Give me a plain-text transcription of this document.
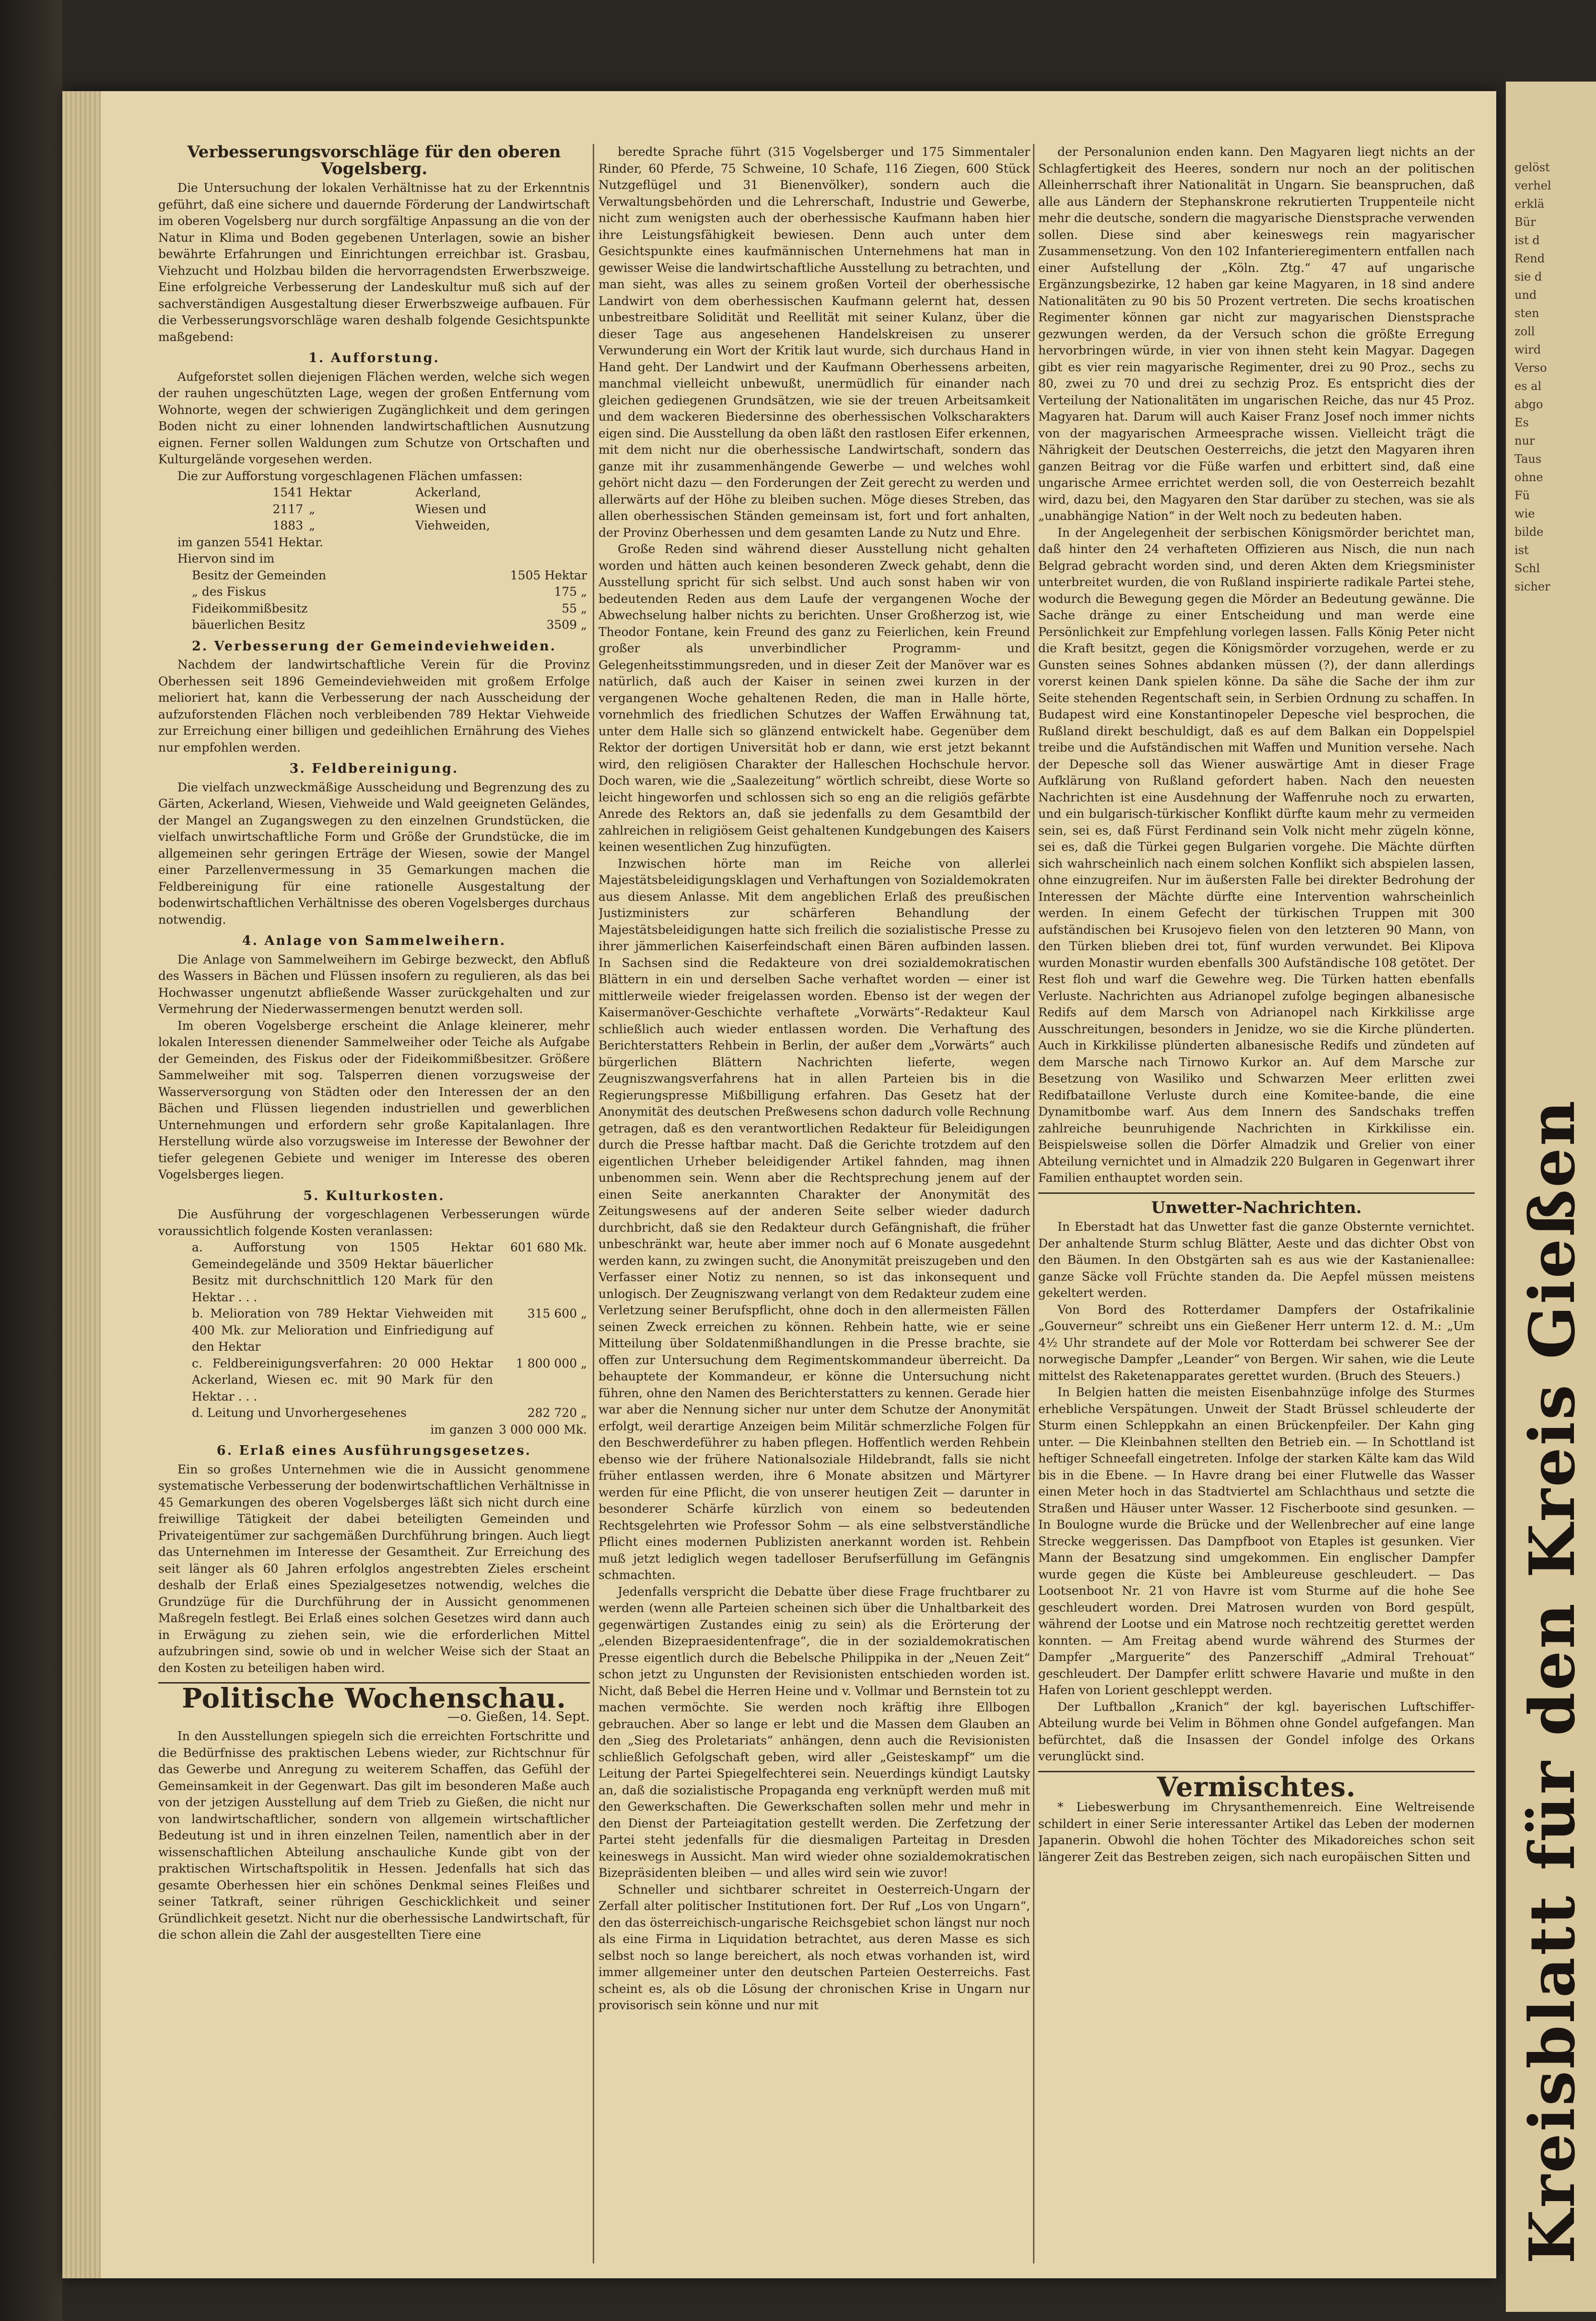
gelöst
verhel
erklä
Bür
ist d
Rend
sie d
und
sten
zoll
wird
Verso
es al
abgo
Es
nur
Taus
ohne
Fü
wie
bilde
ist
Schl
sicher
Kreisblatt für den Kreis Gießen
Verbesserungsvorschläge für den oberen Vogelsberg.

Die Untersuchung der lokalen Verhältnisse hat zu der Erkenntnis geführt, daß eine sichere und dauernde Förderung der Landwirtschaft im oberen Vogelsberg nur durch sorgfältige Anpassung an die von der Natur in Klima und Boden gegebenen Unterlagen, sowie an bisher bewährte Erfahrungen und Einrichtungen erreichbar ist. Grasbau, Viehzucht und Holzbau bilden die hervorragendsten Erwerbszweige. Eine erfolgreiche Verbesserung der Landeskultur muß sich auf der sachverständigen Ausgestaltung dieser Erwerbszweige aufbauen. Für die Verbesserungsvorschläge waren deshalb folgende Gesichtspunkte maßgebend:

1. Aufforstung.

Aufgeforstet sollen diejenigen Flächen werden, welche sich wegen der rauhen ungeschützten Lage, wegen der großen Entfernung vom Wohnorte, wegen der schwierigen Zugänglichkeit und dem geringen Boden nicht zu einer lohnenden landwirtschaftlichen Ausnutzung eignen. Ferner sollen Waldungen zum Schutze von Ortschaften und Kulturgelände vorgesehen werden.

Die zur Aufforstung vorgeschlagenen Flächen umfassen:

1541	Hektar	Ackerland,
2117	„	Wiesen und
1883	„	Viehweiden,

im ganzen 5541 Hektar.

Hiervon sind im

Besitz der Gemeinden	1505 Hektar
„ des Fiskus	175 „
Fideikommißbesitz	55 „
bäuerlichen Besitz	3509 „
2. Verbesserung der Gemeindeviehweiden.

Nachdem der landwirtschaftliche Verein für die Provinz Oberhessen seit 1896 Gemeindeviehweiden mit großem Erfolge melioriert hat, kann die Verbesserung der nach Ausscheidung der aufzuforstenden Flächen noch verbleibenden 789 Hektar Viehweide zur Erreichung einer billigen und gedeihlichen Ernährung des Viehes nur empfohlen werden.

3. Feldbereinigung.

Die vielfach unzweckmäßige Ausscheidung und Begrenzung des zu Gärten, Ackerland, Wiesen, Viehweide und Wald geeigneten Geländes, der Mangel an Zugangswegen zu den einzelnen Grundstücken, die vielfach unwirtschaftliche Form und Größe der Grundstücke, die im allgemeinen sehr geringen Erträge der Wiesen, sowie der Mangel einer Parzellenvermessung in 35 Gemarkungen machen die Feldbereinigung für eine rationelle Ausgestaltung der bodenwirtschaftlichen Verhältnisse des oberen Vogelsberges durchaus notwendig.

4. Anlage von Sammelweihern.

Die Anlage von Sammelweihern im Gebirge bezweckt, den Abfluß des Wassers in Bächen und Flüssen insofern zu regulieren, als das bei Hochwasser ungenutzt abfließende Wasser zurückgehalten und zur Vermehrung der Niederwassermengen benutzt werden soll.

Im oberen Vogelsberge erscheint die Anlage kleinerer, mehr lokalen Interessen dienender Sammelweiher oder Teiche als Aufgabe der Gemeinden, des Fiskus oder der Fideikommißbesitzer. Größere Sammelweiher mit sog. Talsperren dienen vorzugsweise der Wasserversorgung von Städten oder den Interessen der an den Bächen und Flüssen liegenden industriellen und gewerblichen Unternehmungen und erfordern sehr große Kapitalanlagen. Ihre Herstellung würde also vorzugsweise im Interesse der Bewohner der tiefer gelegenen Gebiete und weniger im Interesse des oberen Vogelsberges liegen.

5. Kulturkosten.

Die Ausführung der vorgeschlagenen Verbesserungen würde voraussichtlich folgende Kosten veranlassen:

a. Aufforstung von 1505 Hektar Gemeindegelände und 3509 Hektar bäuerlicher Besitz mit durchschnittlich 120 Mark für den Hektar . . .	601 680 Mk.
b. Melioration von 789 Hektar Viehweiden mit 400 Mk. zur Melioration und Einfriedigung auf den Hektar	315 600 „
c. Feldbereinigungsverfahren: 20 000 Hektar Ackerland, Wiesen ec. mit 90 Mark für den Hektar . . .	1 800 000 „
d. Leitung und Unvorhergesehenes	282 720 „
im ganzen	3 000 000 Mk.
6. Erlaß eines Ausführungsgesetzes.

Ein so großes Unternehmen wie die in Aussicht genommene systematische Verbesserung der bodenwirtschaftlichen Verhältnisse in 45 Gemarkungen des oberen Vogelsberges läßt sich nicht durch eine freiwillige Tätigkeit der dabei beteiligten Gemeinden und Privateigentümer zur sachgemäßen Durchführung bringen. Auch liegt das Unternehmen im Interesse der Gesamtheit. Zur Erreichung des seit länger als 60 Jahren erfolglos angestrebten Zieles erscheint deshalb der Erlaß eines Spezialgesetzes notwendig, welches die Grundzüge für die Durchführung der in Aussicht genommenen Maßregeln festlegt. Bei Erlaß eines solchen Gesetzes wird dann auch in Erwägung zu ziehen sein, wie die erforderlichen Mittel aufzubringen sind, sowie ob und in welcher Weise sich der Staat an den Kosten zu beteiligen haben wird.

Politische Wochenschau.
—o. Gießen, 14. Sept.

In den Ausstellungen spiegeln sich die erreichten Fortschritte und die Bedürfnisse des praktischen Lebens wieder, zur Richtschnur für das Gewerbe und Anregung zu weiterem Schaffen, das Gefühl der Gemeinsamkeit in der Gegenwart. Das gilt im besonderen Maße auch von der jetzigen Ausstellung auf dem Trieb zu Gießen, die nicht nur von landwirtschaftlicher, sondern von allgemein wirtschaftlicher Bedeutung ist und in ihren einzelnen Teilen, namentlich aber in der wissenschaftlichen Abteilung anschauliche Kunde gibt von der praktischen Wirtschaftspolitik in Hessen. Jedenfalls hat sich das gesamte Oberhessen hier ein schönes Denkmal seines Fleißes und seiner Tatkraft, seiner rührigen Geschicklichkeit und seiner Gründlichkeit gesetzt. Nicht nur die oberhessische Landwirtschaft, für die schon allein die Zahl der ausgestellten Tiere eine

beredte Sprache führt (315 Vogelsberger und 175 Simmentaler Rinder, 60 Pferde, 75 Schweine, 10 Schafe, 116 Ziegen, 600 Stück Nutzgeflügel und 31 Bienenvölker), sondern auch die Verwaltungsbehörden und die Lehrerschaft, Industrie und Gewerbe, nicht zum wenigsten auch der oberhessische Kaufmann haben hier ihre Leistungsfähigkeit bewiesen. Denn auch unter dem Gesichtspunkte eines kaufmännischen Unternehmens hat man in gewisser Weise die landwirtschaftliche Ausstellung zu betrachten, und man sieht, was alles zu seinem großen Vorteil der oberhessische Landwirt von dem oberhessischen Kaufmann gelernt hat, dessen unbestreitbare Solidität und Reellität mit seiner Kulanz, über die dieser Tage aus angesehenen Handelskreisen zu unserer Verwunderung ein Wort der Kritik laut wurde, sich durchaus Hand in Hand geht. Der Landwirt und der Kaufmann Oberhessens arbeiten, manchmal vielleicht unbewußt, unermüdlich für einander nach gleichen gediegenen Grundsätzen, wie sie der treuen Arbeitsamkeit und dem wackeren Biedersinne des oberhessischen Volkscharakters eigen sind. Die Ausstellung da oben läßt den rastlosen Eifer erkennen, mit dem nicht nur die oberhessische Landwirtschaft, sondern das ganze mit ihr zusammenhängende Gewerbe — und welches wohl gehört nicht dazu — den Forderungen der Zeit gerecht zu werden und allerwärts auf der Höhe zu bleiben suchen. Möge dieses Streben, das allen oberhessischen Ständen gemeinsam ist, fort und fort anhalten, der Provinz Oberhessen und dem gesamten Lande zu Nutz und Ehre.

Große Reden sind während dieser Ausstellung nicht gehalten worden und hätten auch keinen besonderen Zweck gehabt, denn die Ausstellung spricht für sich selbst. Und auch sonst haben wir von bedeutenden Reden aus dem Laufe der vergangenen Woche der Abwechselung halber nichts zu berichten. Unser Großherzog ist, wie Theodor Fontane, kein Freund des ganz zu Feierlichen, kein Freund großer als unverbindlicher Programm- und Gelegenheitsstimmungsreden, und in dieser Zeit der Manöver war es natürlich, daß auch der Kaiser in seinen zwei kurzen in der vergangenen Woche gehaltenen Reden, die man in Halle hörte, vornehmlich des friedlichen Schutzes der Waffen Erwähnung tat, unter dem Halle sich so glänzend entwickelt habe. Gegenüber dem Rektor der dortigen Universität hob er dann, wie erst jetzt bekannt wird, den religiösen Charakter der Halleschen Hochschule hervor. Doch waren, wie die „Saalezeitung“ wörtlich schreibt, diese Worte so leicht hingeworfen und schlossen sich so eng an die religiös gefärbte Anrede des Rektors an, daß sie jedenfalls zu dem Gesamtbild der zahlreichen in religiösem Geist gehaltenen Kundgebungen des Kaisers keinen wesentlichen Zug hinzufügten.

Inzwischen hörte man im Reiche von allerlei Majestätsbeleidigungsklagen und Verhaftungen von Sozialdemokraten aus diesem Anlasse. Mit dem angeblichen Erlaß des preußischen Justizministers zur schärferen Behandlung der Majestätsbeleidigungen hatte sich freilich die sozialistische Presse zu ihrer jämmerlichen Kaiserfeindschaft einen Bären aufbinden lassen. In Sachsen sind die Redakteure von drei sozialdemokratischen Blättern in ein und derselben Sache verhaftet worden — einer ist mittlerweile wieder freigelassen worden. Ebenso ist der wegen der Kaisermanöver-Geschichte verhaftete „Vorwärts“-Redakteur Kaul schließlich auch wieder entlassen worden. Die Verhaftung des Berichterstatters Rehbein in Berlin, der außer dem „Vorwärts“ auch bürgerlichen Blättern Nachrichten lieferte, wegen Zeugniszwangsverfahrens hat in allen Parteien bis in die Regierungspresse Mißbilligung erfahren. Das Gesetz hat der Anonymität des deutschen Preßwesens schon dadurch volle Rechnung getragen, daß es den verantwortlichen Redakteur für Beleidigungen durch die Presse haftbar macht. Daß die Gerichte trotzdem auf den eigentlichen Urheber beleidigender Artikel fahnden, mag ihnen unbenommen sein. Wenn aber die Rechtsprechung jenem auf der einen Seite anerkannten Charakter der Anonymität des Zeitungswesens auf der anderen Seite selber wieder dadurch durchbricht, daß sie den Redakteur durch Gefängnishaft, die früher unbeschränkt war, heute aber immer noch auf 6 Monate ausgedehnt werden kann, zu zwingen sucht, die Anonymität preiszugeben und den Verfasser einer Notiz zu nennen, so ist das inkonsequent und unlogisch. Der Zeugniszwang verlangt von dem Redakteur zudem eine Verletzung seiner Berufspflicht, ohne doch in den allermeisten Fällen seinen Zweck erreichen zu können. Rehbein hatte, wie er seine Mitteilung über Soldatenmißhandlungen in die Presse brachte, sie offen zur Untersuchung dem Regimentskommandeur überreicht. Da behauptete der Kommandeur, er könne die Untersuchung nicht führen, ohne den Namen des Berichterstatters zu kennen. Gerade hier war aber die Nennung sicher nur unter dem Schutze der Anonymität erfolgt, weil derartige Anzeigen beim Militär schmerzliche Folgen für den Beschwerdeführer zu haben pflegen. Hoffentlich werden Rehbein ebenso wie der frühere Nationalsoziale Hildebrandt, falls sie nicht früher entlassen werden, ihre 6 Monate absitzen und Märtyrer werden für eine Pflicht, die von unserer heutigen Zeit — darunter in besonderer Schärfe kürzlich von einem so bedeutenden Rechtsgelehrten wie Professor Sohm — als eine selbstverständliche Pflicht eines modernen Publizisten anerkannt worden ist. Rehbein muß jetzt lediglich wegen tadelloser Berufserfüllung im Gefängnis schmachten.

Jedenfalls verspricht die Debatte über diese Frage fruchtbarer zu werden (wenn alle Parteien scheinen sich über die Unhaltbarkeit des gegenwärtigen Zustandes einig zu sein) als die Erörterung der „elenden Bizepraesidentenfrage“, die in der sozialdemokratischen Presse eigentlich durch die Bebelsche Philippika in der „Neuen Zeit“ schon jetzt zu Ungunsten der Revisionisten entschieden worden ist. Nicht, daß Bebel die Herren Heine und v. Vollmar und Bernstein tot zu machen vermöchte. Sie werden noch kräftig ihre Ellbogen gebrauchen. Aber so lange er lebt und die Massen dem Glauben an den „Sieg des Proletariats“ anhängen, denn auch die Revisionisten schließlich Gefolgschaft geben, wird aller „Geisteskampf“ um die Leitung der Partei Spiegelfechterei sein. Neuerdings kündigt Lautsky an, daß die sozialistische Propaganda eng verknüpft werden muß mit den Gewerkschaften. Die Gewerkschaften sollen mehr und mehr in den Dienst der Parteiagitation gestellt werden. Die Zerfetzung der Partei steht jedenfalls für die diesmaligen Parteitag in Dresden keineswegs in Aussicht. Man wird wieder ohne sozialdemokratischen Bizepräsidenten bleiben — und alles wird sein wie zuvor!

Schneller und sichtbarer schreitet in Oesterreich-Ungarn der Zerfall alter politischer Institutionen fort. Der Ruf „Los von Ungarn“, den das österreichisch-ungarische Reichsgebiet schon längst nur noch als eine Firma in Liquidation betrachtet, aus deren Masse es sich selbst noch so lange bereichert, als noch etwas vorhanden ist, wird immer allgemeiner unter den deutschen Parteien Oesterreichs. Fast scheint es, als ob die Lösung der chronischen Krise in Ungarn nur provisorisch sein könne und nur mit

der Personalunion enden kann. Den Magyaren liegt nichts an der Schlagfertigkeit des Heeres, sondern nur noch an der politischen Alleinherrschaft ihrer Nationalität in Ungarn. Sie beanspruchen, daß alle aus Ländern der Stephanskrone rekrutierten Truppenteile nicht mehr die deutsche, sondern die magyarische Dienstsprache verwenden sollen. Diese sind aber keineswegs rein magyarischer Zusammensetzung. Von den 102 Infanterieregimentern entfallen nach einer Aufstellung der „Köln. Ztg.“ 47 auf ungarische Ergänzungsbezirke, 12 haben gar keine Magyaren, in 18 sind andere Nationalitäten zu 90 bis 50 Prozent vertreten. Die sechs kroatischen Regimenter können gar nicht zur magyarischen Dienstsprache gezwungen werden, da der Versuch schon die größte Erregung hervorbringen würde, in vier von ihnen steht kein Magyar. Dagegen gibt es vier rein magyarische Regimenter, drei zu 90 Proz., sechs zu 80, zwei zu 70 und drei zu sechzig Proz. Es entspricht dies der Verteilung der Nationalitäten im ungarischen Reiche, das nur 45 Proz. Magyaren hat. Darum will auch Kaiser Franz Josef noch immer nichts von der magyarischen Armeesprache wissen. Vielleicht trägt die Nährigkeit der Deutschen Oesterreichs, die jetzt den Magyaren ihren ganzen Beitrag vor die Füße warfen und erbittert sind, daß eine ungarische Armee errichtet werden soll, die von Oesterreich bezahlt wird, dazu bei, den Magyaren den Star darüber zu stechen, was sie als „unabhängige Nation“ in der Welt noch zu bedeuten haben.

In der Angelegenheit der serbischen Königsmörder berichtet man, daß hinter den 24 verhafteten Offizieren aus Nisch, die nun nach Belgrad gebracht worden sind, und deren Akten dem Kriegsminister unterbreitet wurden, die von Rußland inspirierte radikale Partei stehe, wodurch die Bewegung gegen die Mörder an Bedeutung gewänne. Die Sache dränge zu einer Entscheidung und man werde eine Persönlichkeit zur Empfehlung vorlegen lassen. Falls König Peter nicht die Kraft besitzt, gegen die Königsmörder vorzugehen, werde er zu Gunsten seines Sohnes abdanken müssen (?), der dann allerdings vorerst keinen Dank spielen könne. Da sähe die Sache der ihm zur Seite stehenden Regentschaft sein, in Serbien Ordnung zu schaffen. In Budapest wird eine Konstantinopeler Depesche viel besprochen, die Rußland direkt beschuldigt, daß es auf dem Balkan ein Doppelspiel treibe und die Aufständischen mit Waffen und Munition versehe. Nach der Depesche soll das Wiener auswärtige Amt in dieser Frage Aufklärung von Rußland gefordert haben. Nach den neuesten Nachrichten ist eine Ausdehnung der Waffenruhe noch zu erwarten, und ein bulgarisch-türkischer Konflikt dürfte kaum mehr zu vermeiden sein, sei es, daß Fürst Ferdinand sein Volk nicht mehr zügeln könne, sei es, daß die Türkei gegen Bulgarien vorgehe. Die Mächte dürften sich wahrscheinlich nach einem solchen Konflikt sich abspielen lassen, ohne einzugreifen. Nur im äußersten Falle bei direkter Bedrohung der Interessen der Mächte dürfte eine Intervention wahrscheinlich werden. In einem Gefecht der türkischen Truppen mit 300 aufständischen bei Krusojevo fielen von den letzteren 90 Mann, von den Türken blieben drei tot, fünf wurden verwundet. Bei Klipova wurden Monastir wurden ebenfalls 300 Aufständische 108 getötet. Der Rest floh und warf die Gewehre weg. Die Türken hatten ebenfalls Verluste. Nachrichten aus Adrianopel zufolge begingen albanesische Redifs auf dem Marsch von Adrianopel nach Kirkkilisse arge Ausschreitungen, besonders in Jenidze, wo sie die Kirche plünderten. Auch in Kirkkilisse plünderten albanesische Redifs und zündeten auf dem Marsche nach Tirnowo Kurkor an. Auf dem Marsche zur Besetzung von Wasiliko und Schwarzen Meer erlitten zwei Redifbataillone Verluste durch eine Komitee-bande, die eine Dynamitbombe warf. Aus dem Innern des Sandschaks treffen zahlreiche beunruhigende Nachrichten in Kirkkilisse ein. Beispielsweise sollen die Dörfer Almadzik und Grelier von einer Abteilung vernichtet und in Almadzik 220 Bulgaren in Gegenwart ihrer Familien enthauptet worden sein.

Unwetter-Nachrichten.

In Eberstadt hat das Unwetter fast die ganze Obsternte vernichtet. Der anhaltende Sturm schlug Blätter, Aeste und das dichter Obst von den Bäumen. In den Obstgärten sah es aus wie der Kastanienallee: ganze Säcke voll Früchte standen da. Die Aepfel müssen meistens gekeltert werden.

Von Bord des Rotterdamer Dampfers der Ostafrikalinie „Gouverneur“ schreibt uns ein Gießener Herr unterm 12. d. M.: „Um 4½ Uhr strandete auf der Mole vor Rotterdam bei schwerer See der norwegische Dampfer „Leander“ von Bergen. Wir sahen, wie die Leute mittelst des Raketenapparates gerettet wurden. (Bruch des Steuers.)

In Belgien hatten die meisten Eisenbahnzüge infolge des Sturmes erhebliche Verspätungen. Unweit der Stadt Brüssel schleuderte der Sturm einen Schleppkahn an einen Brückenpfeiler. Der Kahn ging unter. — Die Kleinbahnen stellten den Betrieb ein. — In Schottland ist heftiger Schneefall eingetreten. Infolge der starken Kälte kam das Wild bis in die Ebene. — In Havre drang bei einer Flutwelle das Wasser einen Meter hoch in das Stadtviertel am Schlachthaus und setzte die Straßen und Häuser unter Wasser. 12 Fischerboote sind gesunken. — In Boulogne wurde die Brücke und der Wellenbrecher auf eine lange Strecke weggerissen. Das Dampfboot von Etaples ist gesunken. Vier Mann der Besatzung sind umgekommen. Ein englischer Dampfer wurde gegen die Küste bei Ambleureuse geschleudert. — Das Lootsenboot Nr. 21 von Havre ist vom Sturme auf die hohe See geschleudert worden. Drei Matrosen wurden von Bord gespült, während der Lootse und ein Matrose noch rechtzeitig gerettet werden konnten. — Am Freitag abend wurde während des Sturmes der Dampfer „Marguerite“ des Panzerschiff „Admiral Trehouat“ geschleudert. Der Dampfer erlitt schwere Havarie und mußte in den Hafen von Lorient geschleppt werden.

Der Luftballon „Kranich“ der kgl. bayerischen Luftschiffer-Abteilung wurde bei Velim in Böhmen ohne Gondel aufgefangen. Man befürchtet, daß die Insassen der Gondel infolge des Orkans verunglückt sind.

Vermischtes.

* Liebeswerbung im Chrysanthemenreich. Eine Weltreisende schildert in einer Serie interessanter Artikel das Leben der modernen Japanerin. Obwohl die hohen Töchter des Mikadoreiches schon seit längerer Zeit das Bestreben zeigen, sich nach europäischen Sitten und
